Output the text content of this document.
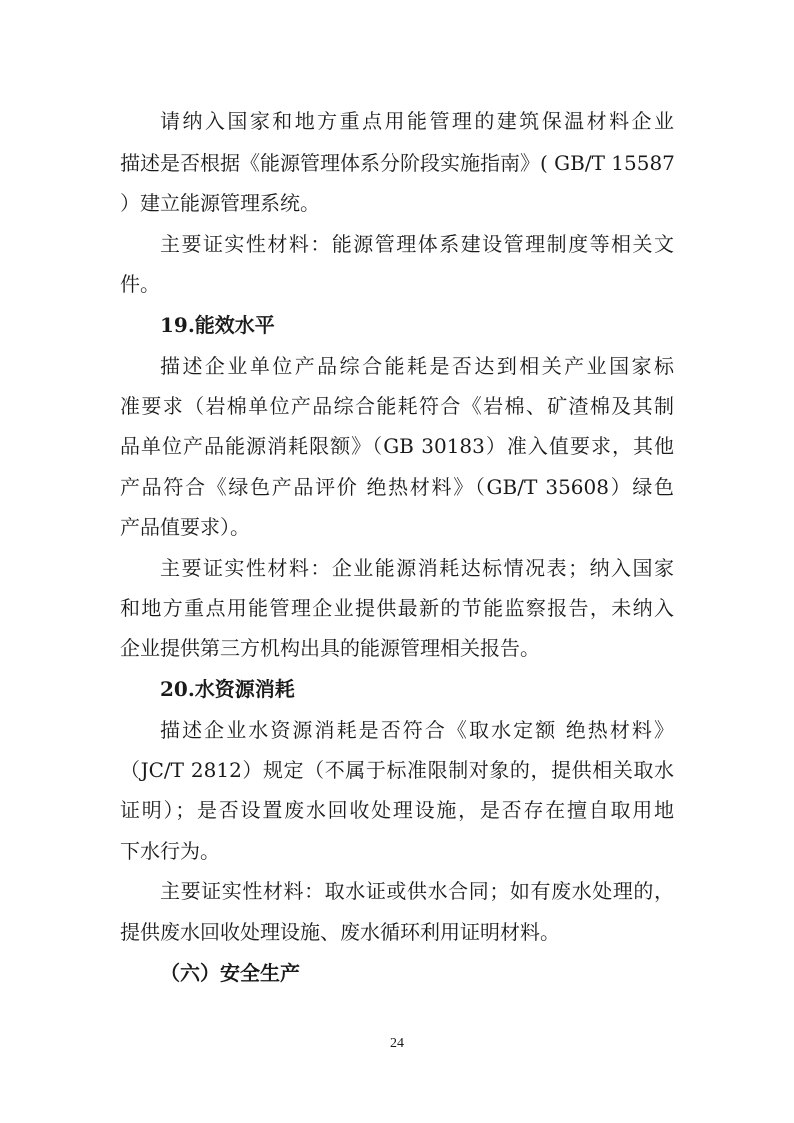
请纳入国家和地方重点用能管理的建筑保温材料企业
描述是否根据《能源管理体系分阶段实施指南》( GB/T 15587
）建立能源管理系统。
主要证实性材料：能源管理体系建设管理制度等相关文
件。
19.能效水平
描述企业单位产品综合能耗是否达到相关产业国家标
准要求（岩棉单位产品综合能耗符合《岩棉、矿渣棉及其制
品单位产品能源消耗限额》（GB 30183）准入值要求，其他
产品符合《绿色产品评价 绝热材料》（GB/T 35608）绿色
产品值要求）。
主要证实性材料：企业能源消耗达标情况表；纳入国家
和地方重点用能管理企业提供最新的节能监察报告，未纳入
企业提供第三方机构出具的能源管理相关报告。
20.水资源消耗
描述企业水资源消耗是否符合《取水定额 绝热材料》
（JC/T 2812）规定（不属于标准限制对象的，提供相关取水
证明）；是否设置废水回收处理设施，是否存在擅自取用地
下水行为。
主要证实性材料：取水证或供水合同；如有废水处理的，
提供废水回收处理设施、废水循环利用证明材料。
（六）安全生产
24
